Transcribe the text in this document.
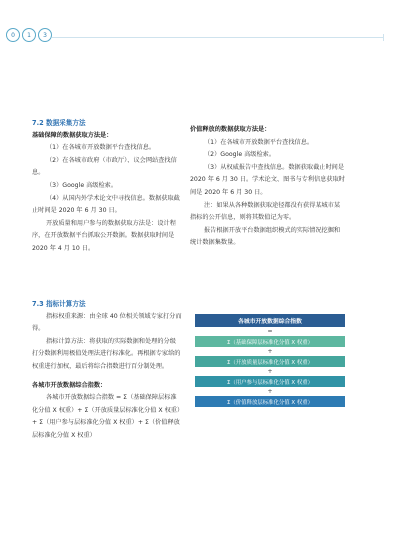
0	1	3

7.2 数据采集方法

基础保障的数据获取方法是：

（1）在各城市开放数据平台查找信息。

（2）在各城市政府（市政厅）、议会网站查找信息。

（3）Google 高级检索。

（4）从国内外学术论文中寻找信息。数据获取截止时间是 2020 年 6 月 30 日。

开放质量和用户参与的数据获取方法是：设计程序，在开放数据平台抓取公开数据。数据获取时间是 2020 年 4 月 10 日。

价值释放的数据获取方法是：

（1）在各城市开放数据平台查找信息。

（2）Google 高级检索。

（3）从权威报告中查找信息。数据获取截止时间是 2020 年 6 月 30 日。学术论文、图书与专利信息获取时间是 2020 年 6 月 30 日。

注：如果从各种数据获取途径都没有获得某城市某指标的公开信息，则将其数值记为零。

报告根据开放平台数据组织模式的实际情况挖掘和统计数据集数量。

7.3 指标计算方法

指标权重来源：由全球 40 位相关领域专家打分而得。

指标计算方法：将获取的实际数据和处理的分级打分数据利用极值处理法进行标准化。再根据专家给的权重进行加权，最后将综合指数进行百分制处理。

各城市开放数据综合指数：

各城市开放数据综合指数 = Σ（基础保障层标准化分值 X 权重）+ Σ（开放质量层标准化分值 X 权重）+ Σ（用户参与层标准化分值 X 权重）+ Σ（价值释放层标准化分值 X 权重）

各城市开放数据综合指数
=
Σ（基础保障层标准化分值 X 权重）
+
Σ（开放质量层标准化分值 X 权重）
+
Σ（用户参与层标准化分值 X 权重）
+
Σ（价值释放层标准化分值 X 权重）
